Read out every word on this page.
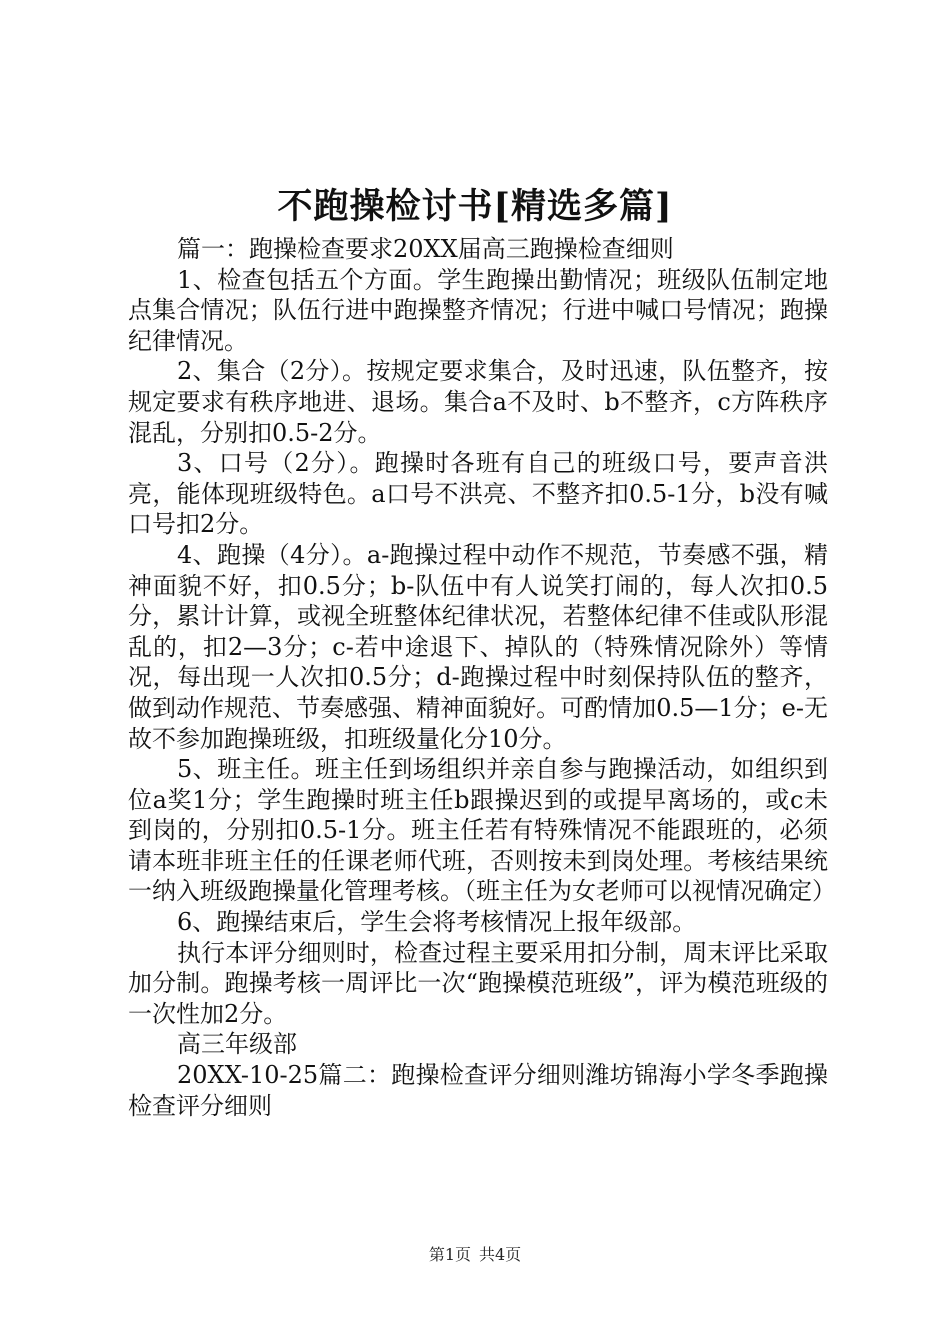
不跑操检讨书[精选多篇]

篇一：跑操检查要求20XX届高三跑操检查细则

1、检查包括五个方面。学生跑操出勤情况；班级队伍制定地点集合情况；队伍行进中跑操整齐情况；行进中喊口号情况；跑操纪律情况。

2、集合（2分）。按规定要求集合，及时迅速，队伍整齐，按规定要求有秩序地进、退场。集合a不及时、b不整齐，c方阵秩序混乱，分别扣0.5-2分。

3、口号（2分）。跑操时各班有自己的班级口号，要声音洪亮，能体现班级特色。a口号不洪亮、不整齐扣0.5-1分，b没有喊口号扣2分。

4、跑操（4分）。a-跑操过程中动作不规范，节奏感不强，精神面貌不好，扣0.5分；b-队伍中有人说笑打闹的，每人次扣0.5分，累计计算，或视全班整体纪律状况，若整体纪律不佳或队形混乱的，扣2—3分；c-若中途退下、掉队的（特殊情况除外）等情况，每出现一人次扣0.5分；d-跑操过程中时刻保持队伍的整齐，做到动作规范、节奏感强、精神面貌好。可酌情加0.5—1分；e-无故不参加跑操班级，扣班级量化分10分。

5、班主任。班主任到场组织并亲自参与跑操活动，如组织到位a奖1分；学生跑操时班主任b跟操迟到的或提早离场的，或c未到岗的，分别扣0.5-1分。班主任若有特殊情况不能跟班的，必须请本班非班主任的任课老师代班，否则按未到岗处理。考核结果统一纳入班级跑操量化管理考核。（班主任为女老师可以视情况确定）

6、跑操结束后，学生会将考核情况上报年级部。

执行本评分细则时，检查过程主要采用扣分制，周末评比采取加分制。跑操考核一周评比一次“跑操模范班级”，评为模范班级的一次性加2分。

高三年级部

20XX-10-25篇二：跑操检查评分细则潍坊锦海小学冬季跑操检查评分细则

第1页 共4页
